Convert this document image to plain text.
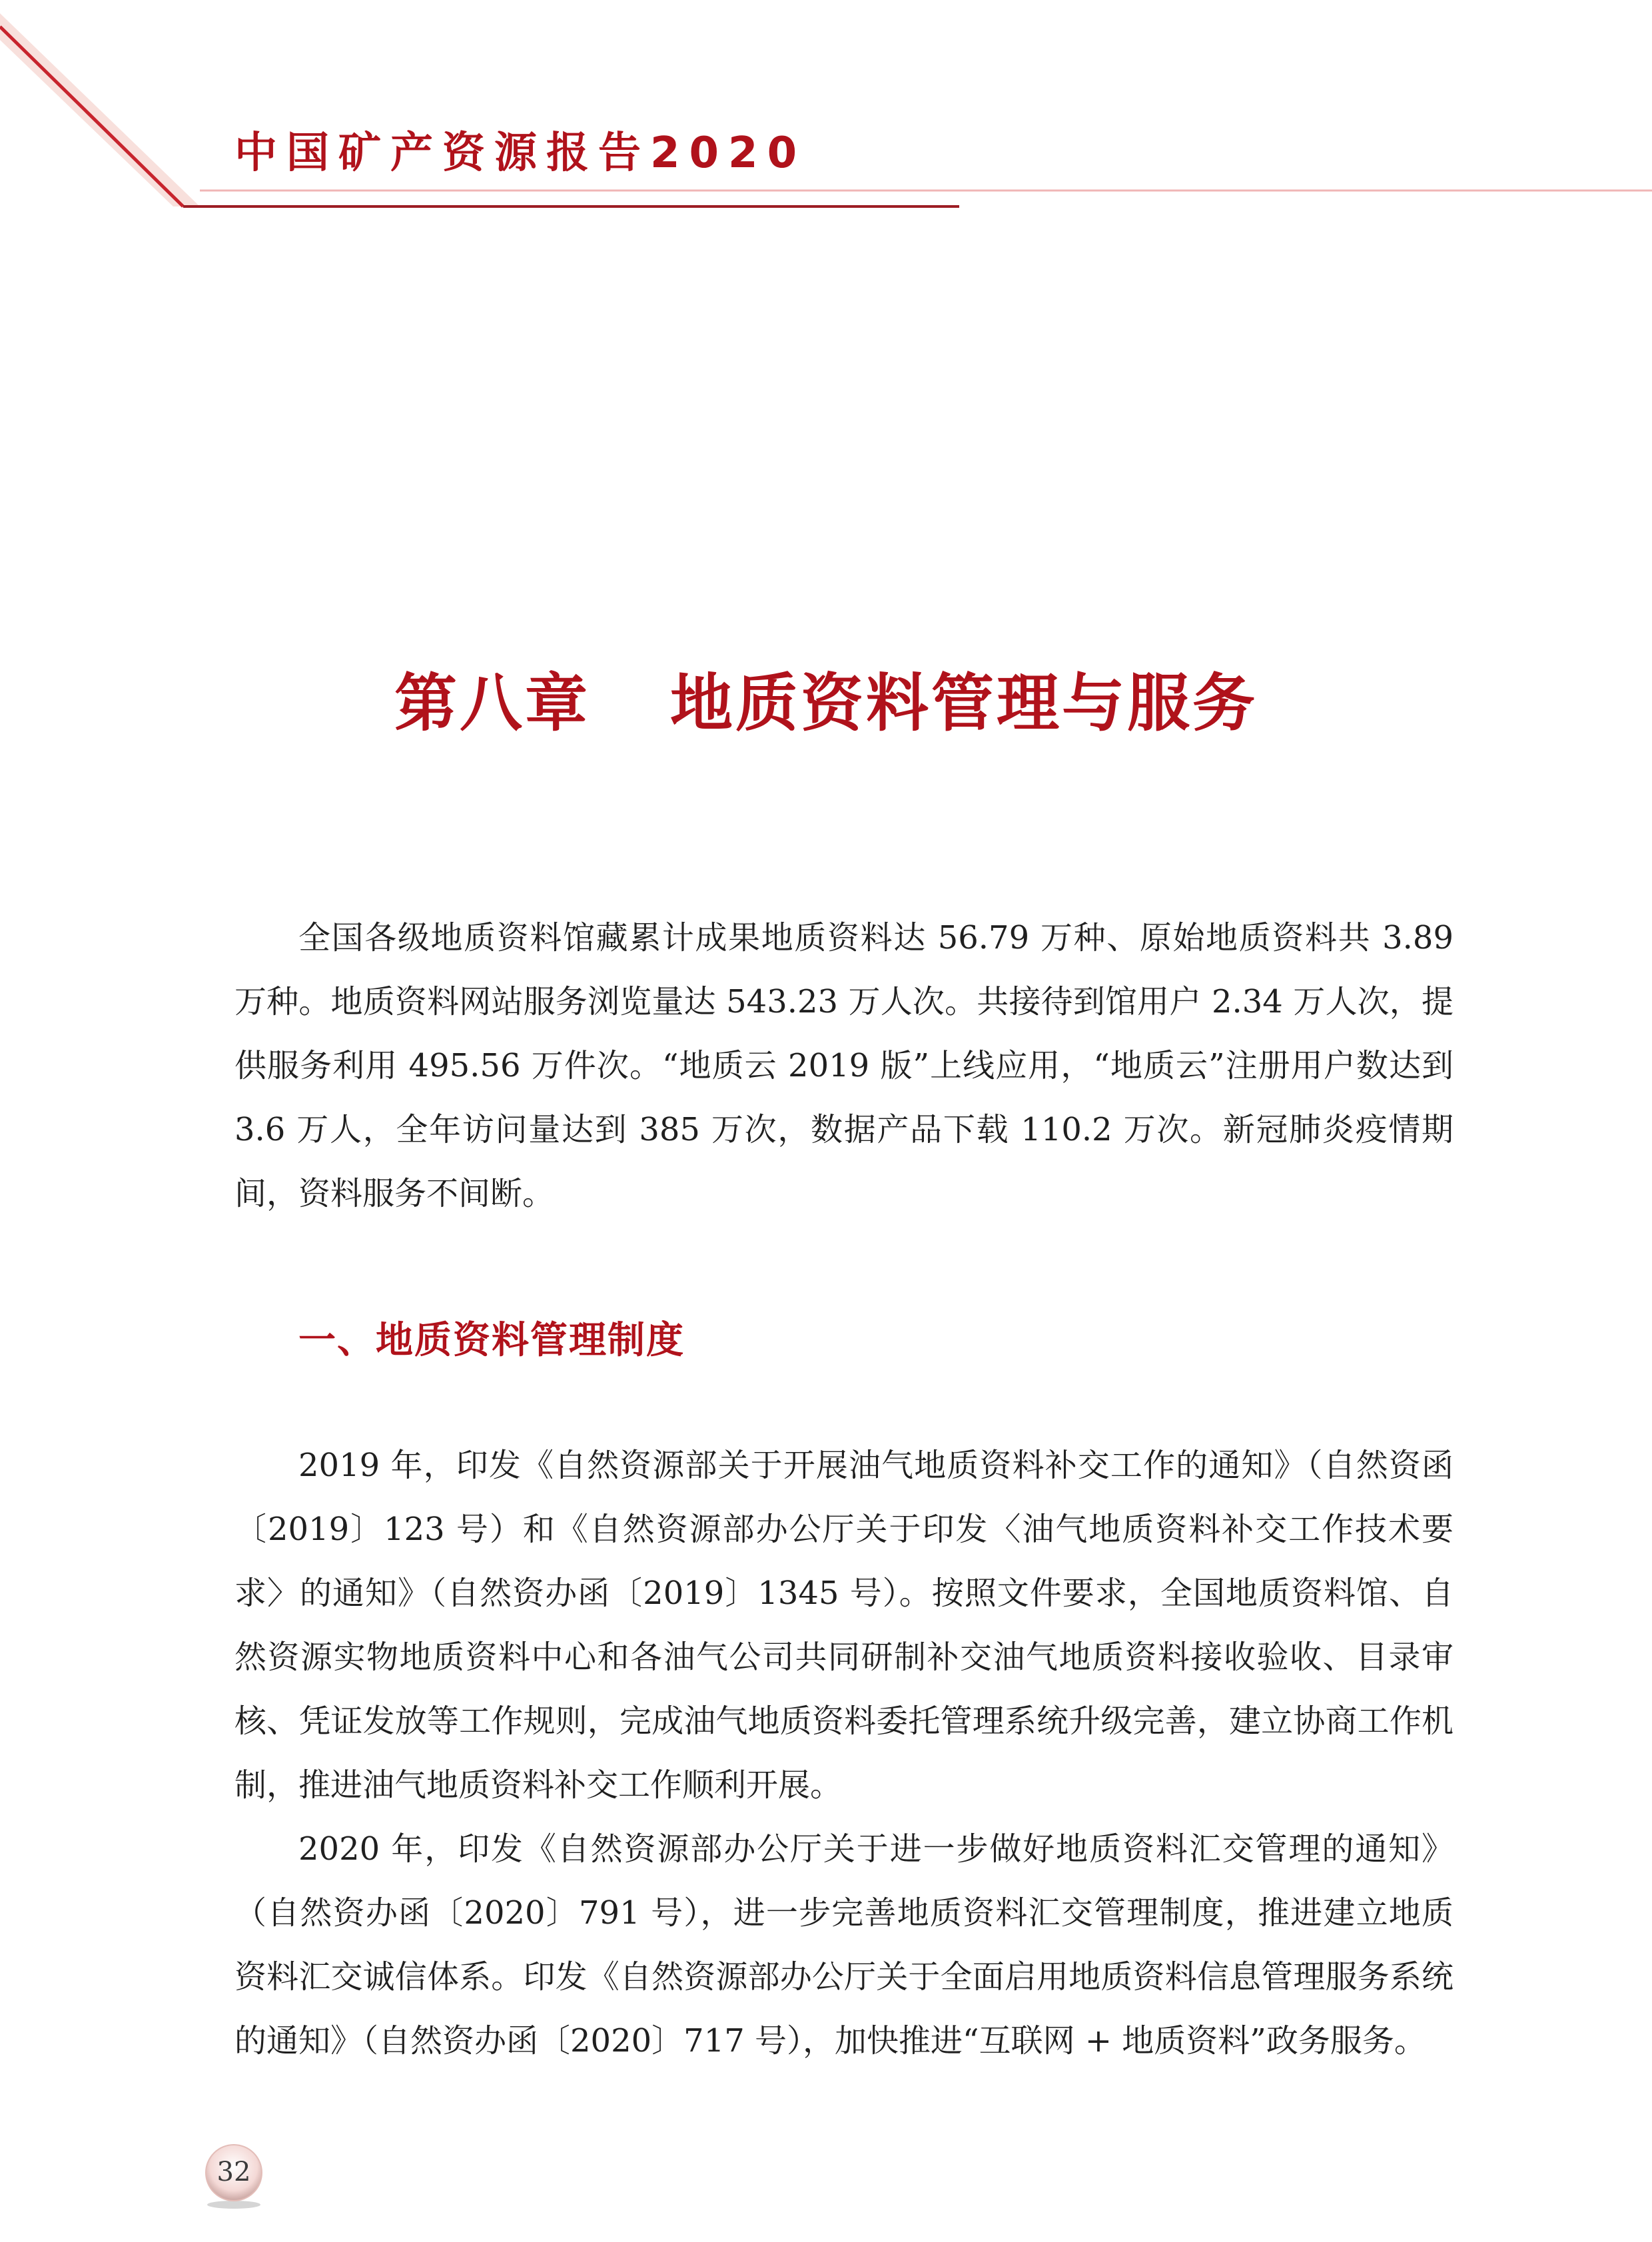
中国矿产资源报告2020
第八章 地质资料管理与服务

全国各级地质资料馆藏累计成果地质资料达 56.79 万种、原始地质资料共 3.89 万种。地质资料网站服务浏览量达 543.23 万人次。共接待到馆用户 2.34 万人次，提供服务利用 495.56 万件次。“地质云 2019 版”上线应用，“地质云”注册用户数达到 3.6 万人，全年访问量达到 385 万次，数据产品下载 110.2 万次。新冠肺炎疫情期间，资料服务不间断。

一、地质资料管理制度

2019 年，印发《自然资源部关于开展油气地质资料补交工作的通知》（自然资函〔2019〕123 号）和《自然资源部办公厅关于印发〈油气地质资料补交工作技术要求〉的通知》（自然资办函〔2019〕1345 号）。按照文件要求，全国地质资料馆、自然资源实物地质资料中心和各油气公司共同研制补交油气地质资料接收验收、目录审核、凭证发放等工作规则，完成油气地质资料委托管理系统升级完善，建立协商工作机制，推进油气地质资料补交工作顺利开展。

2020 年，印发《自然资源部办公厅关于进一步做好地质资料汇交管理的通知》（自然资办函〔2020〕791 号），进一步完善地质资料汇交管理制度，推进建立地质资料汇交诚信体系。印发《自然资源部办公厅关于全面启用地质资料信息管理服务系统的通知》（自然资办函〔2020〕717 号），加快推进“互联网 + 地质资料”政务服务。

32
